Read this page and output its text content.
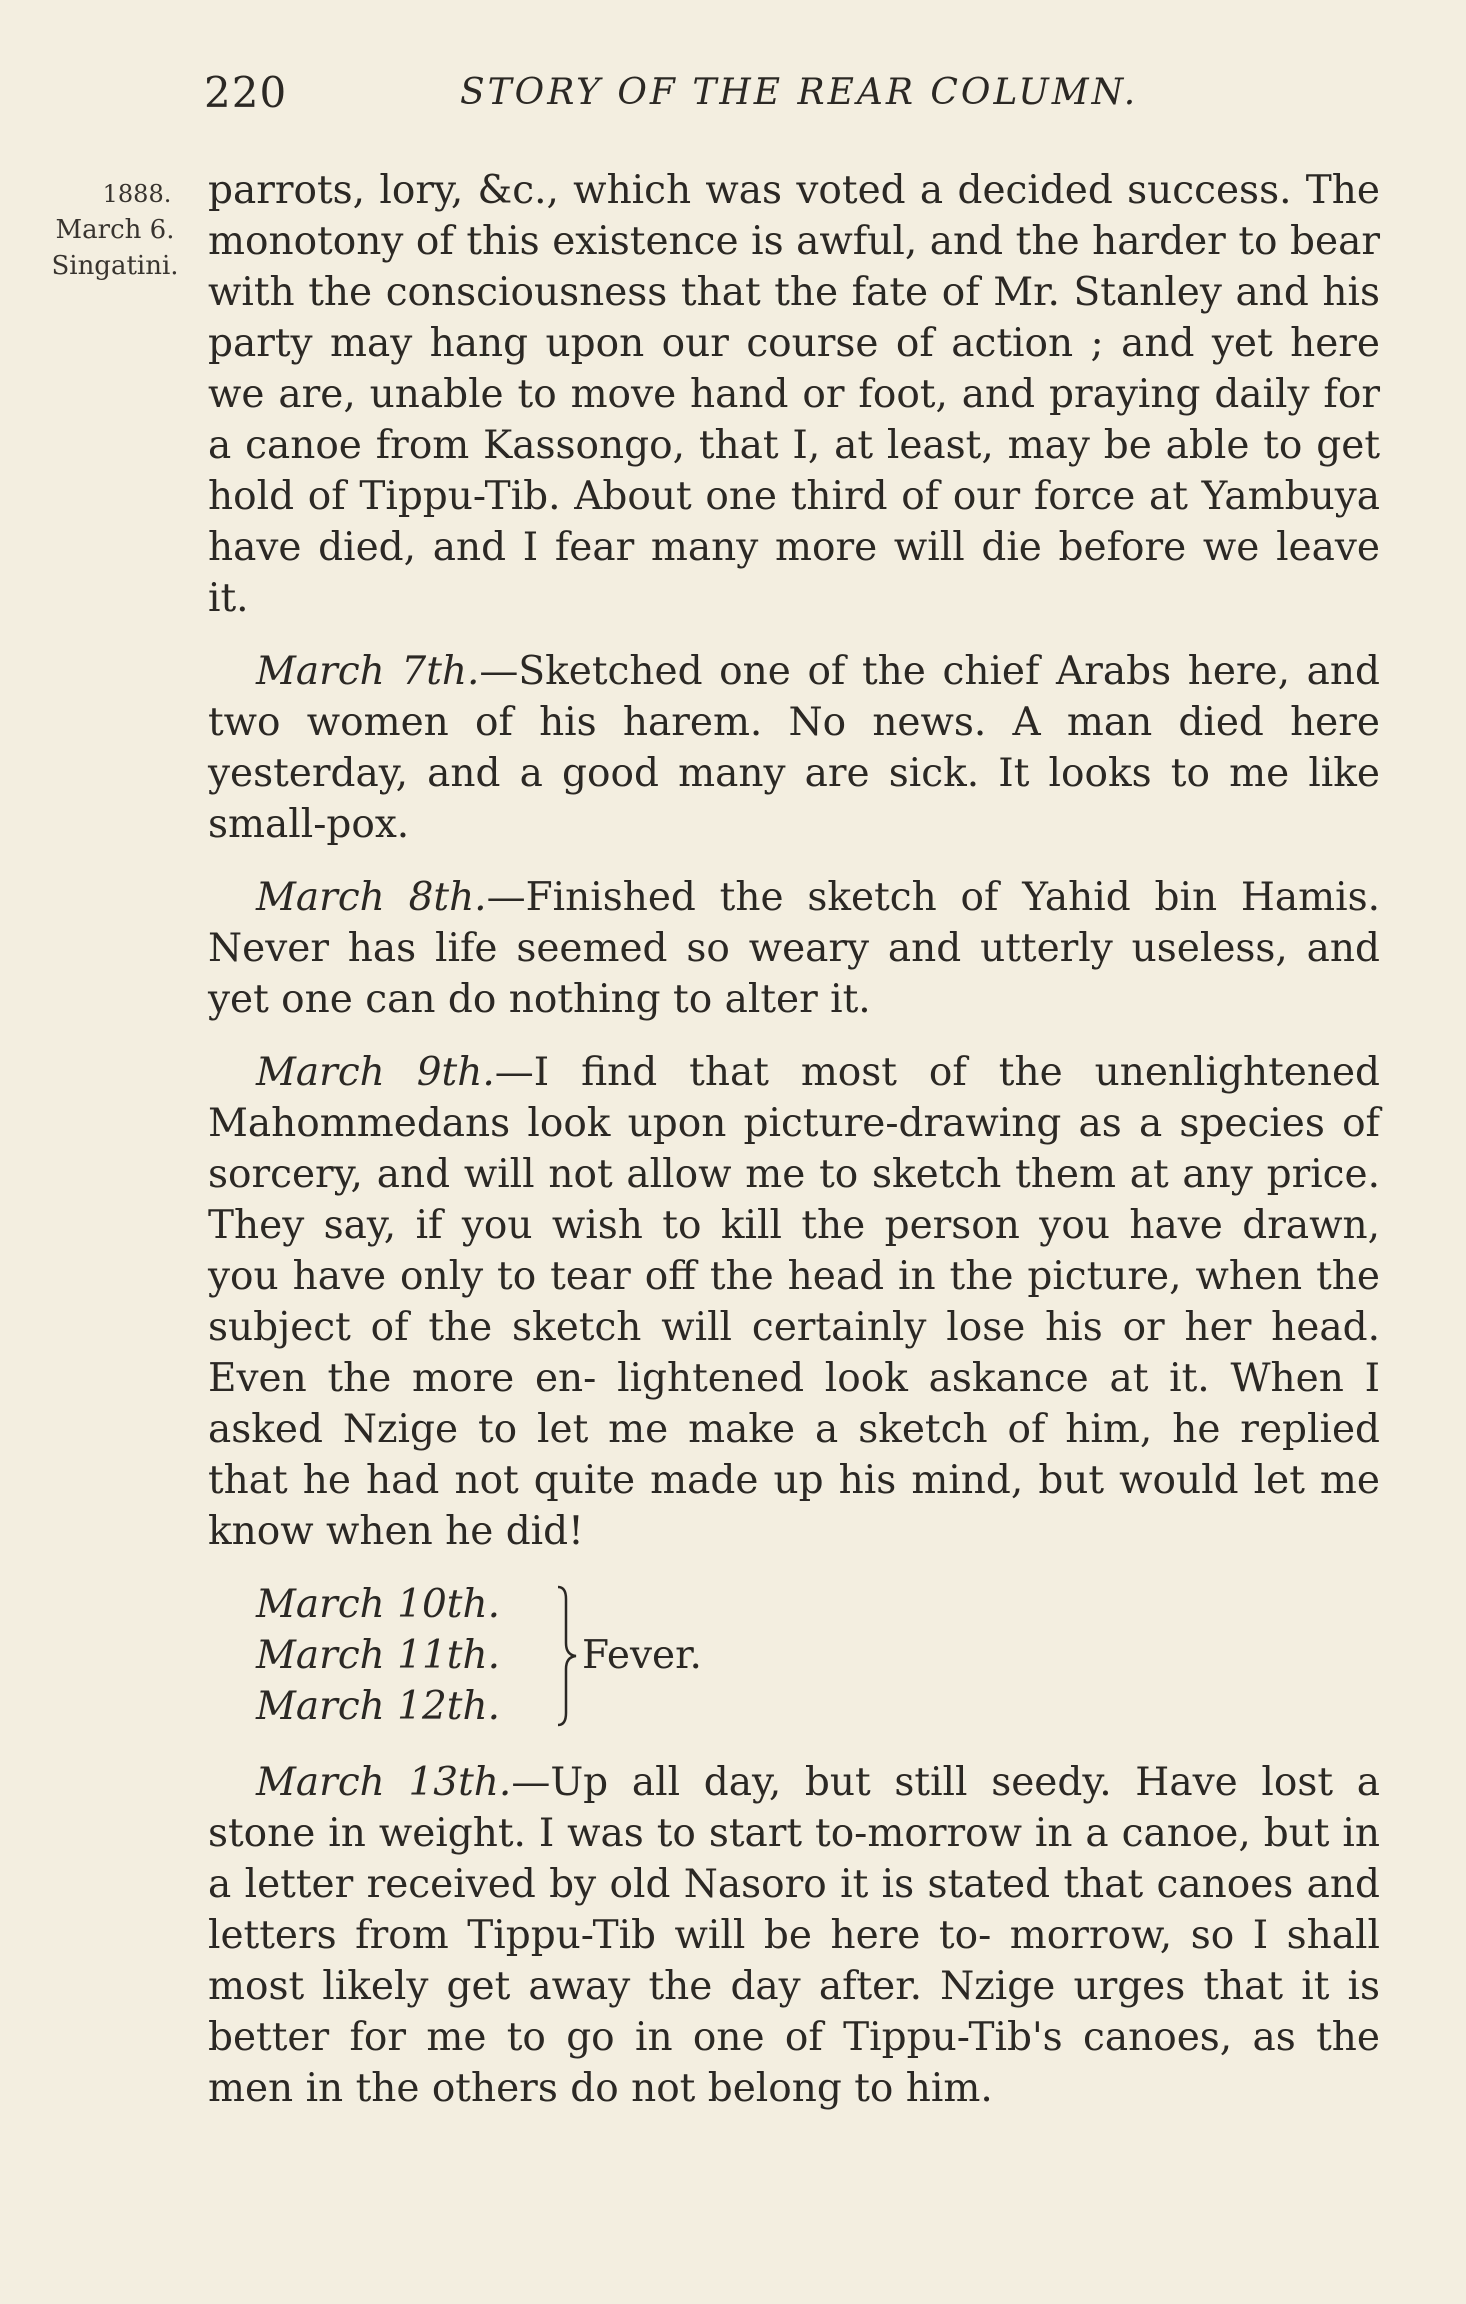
220	STORY OF THE REAR COLUMN.
1888.
March 6.
Singatini.

parrots, lory, &c., which was voted a decided success. The monotony of this existence is awful, and the harder to bear with the consciousness that the fate of Mr. Stanley and his party may hang upon our course of action ; and yet here we are, unable to move hand or foot, and praying daily for a canoe from Kassongo, that I, at least, may be able to get hold of Tippu-Tib. About one third of our force at Yambuya have died, and I fear many more will die before we leave it.

March 7th.—Sketched one of the chief Arabs here, and two women of his harem. No news. A man died here yesterday, and a good many are sick. It looks to me like small-pox.

March 8th.—Finished the sketch of Yahid bin Hamis. Never has life seemed so weary and utterly useless, and yet one can do nothing to alter it.

March 9th.—I find that most of the unenlightened Mahommedans look upon picture-drawing as a species of sorcery, and will not allow me to sketch them at any price. They say, if you wish to kill the person you have drawn, you have only to tear off the head in the picture, when the subject of the sketch will certainly lose his or her head. Even the more en- lightened look askance at it. When I asked Nzige to let me make a sketch of him, he replied that he had not quite made up his mind, but would let me know when he did!

March 10th.
March 11th.
March 12th.
Fever.

March 13th.—Up all day, but still seedy. Have lost a stone in weight. I was to start to-morrow in a canoe, but in a letter received by old Nasoro it is stated that canoes and letters from Tippu-Tib will be here to- morrow, so I shall most likely get away the day after. Nzige urges that it is better for me to go in one of Tippu-Tib's canoes, as the men in the others do not belong to him.
